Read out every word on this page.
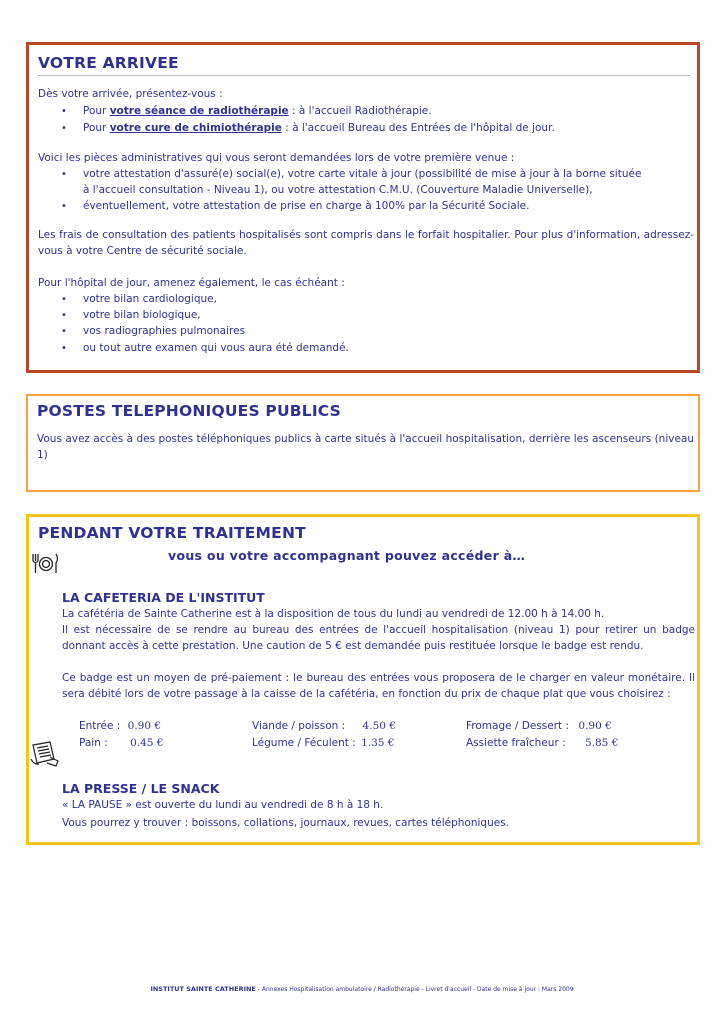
VOTRE ARRIVEE
Dès votre arrivée, présentez-vous :
• Pour votre séance de radiothérapie : à l'accueil Radiothérapie.
• Pour votre cure de chimiothérapie : à l'accueil Bureau des Entrées de l'hôpital de jour.
Voici les pièces administratives qui vous seront demandées lors de votre première venue :
• votre attestation d'assuré(e) social(e), votre carte vitale à jour (possibilité de mise à jour à la borne située
à l'accueil consultation - Niveau 1), ou votre attestation C.M.U. (Couverture Maladie Universelle),
• éventuellement, votre attestation de prise en charge à 100% par la Sécurité Sociale.
Les frais de consultation des patients hospitalisés sont compris dans le forfait hospitalier. Pour plus d'information, adressez-vous à votre Centre de sécurité sociale.
Pour l'hôpital de jour, amenez également, le cas échéant :
• votre bilan cardiologique,
• votre bilan biologique,
• vos radiographies pulmonaires
• ou tout autre examen qui vous aura été demandé.
POSTES TELEPHONIQUES PUBLICS
Vous avez accès à des postes téléphoniques publics à carte situés à l'accueil hospitalisation, derrière les ascenseurs (niveau 1)
PENDANT VOTRE TRAITEMENT
vous ou votre accompagnant pouvez accéder à…
LA CAFETERIA DE L'INSTITUT
La cafétéria de Sainte Catherine est à la disposition de tous du lundi au vendredi de 12.00 h à 14.00 h.
Il est nécessaire de se rendre au bureau des entrées de l'accueil hospitalisation (niveau 1) pour retirer un badge donnant accès à cette prestation. Une caution de 5 € est demandée puis restituée lorsque le badge est rendu.
Ce badge est un moyen de pré-paiement : le bureau des entrées vous proposera de le charger en valeur monétaire. Il sera débité lors de votre passage à la caisse de la cafétéria, en fonction du prix de chaque plat que vous choisirez :
Entrée : 0.90 €
Pain : 0.45 €
Viande / poisson : 4.50 €
Légume / Féculent : 1.35 €
Fromage / Dessert : 0.90 €
Assiette fraîcheur : 5.85 €
LA PRESSE / LE SNACK
« LA PAUSE » est ouverte du lundi au vendredi de 8 h à 18 h.
Vous pourrez y trouver : boissons, collations, journaux, revues, cartes téléphoniques.
INSTITUT SAINTE CATHERINE - Annexes Hospitalisation ambulatoire / Radiothérapie - Livret d'accueil - Date de mise à jour : Mars 2009
